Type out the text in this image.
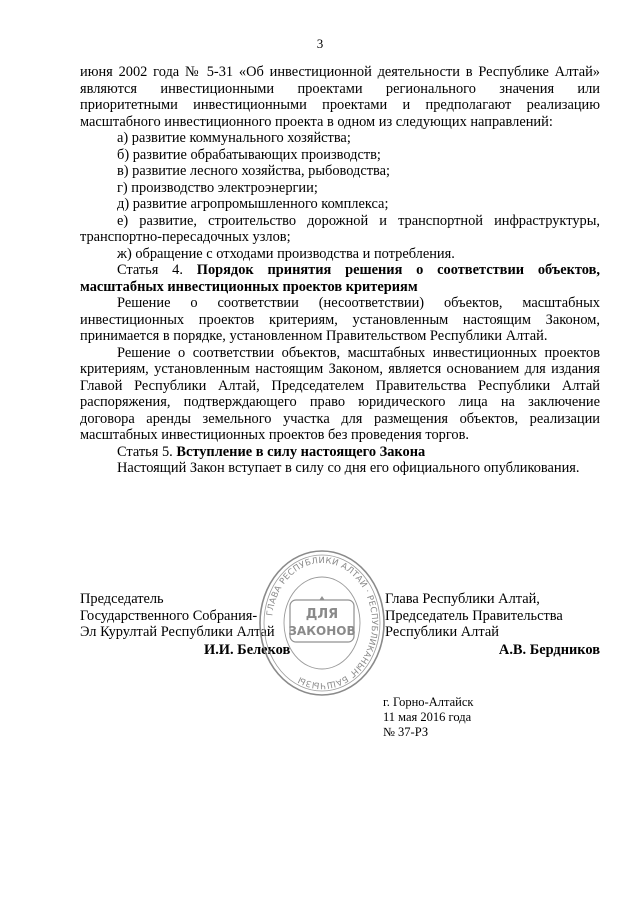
3

июня 2002 года № 5-31 «Об инвестиционной деятельности в Республике Алтай» являются инвестиционными проектами регионального значения или приоритетными инвестиционными проектами и предполагают реализацию масштабного инвестиционного проекта в одном из следующих направлений:

а) развитие коммунального хозяйства;

б) развитие обрабатывающих производств;

в) развитие лесного хозяйства, рыбоводства;

г) производство электроэнергии;

д) развитие агропромышленного комплекса;

е) развитие, строительство дорожной и транспортной инфраструктуры, транспортно-пересадочных узлов;

ж) обращение с отходами производства и потребления.

Статья 4. Порядок принятия решения о соответствии объектов, масштабных инвестиционных проектов критериям

Решение о соответствии (несоответствии) объектов, масштабных инвестиционных проектов критериям, установленным настоящим Законом, принимается в порядке, установленном Правительством Республики Алтай.

Решение о соответствии объектов, масштабных инвестиционных проектов критериям, установленным настоящим Законом, является основанием для издания Главой Республики Алтай, Председателем Правительства Республики Алтай распоряжения, подтверждающего право юридического лица на заключение договора аренды земельного участка для размещения объектов, реализации масштабных инвестиционных проектов без проведения торгов.

Статья 5. Вступление в силу настоящего Закона

Настоящий Закон вступает в силу со дня его официального опубликования.

Председатель
Государственного Собрания-
Эл Курултай Республики Алтай
И.И. Белеков
Глава Республики Алтай,
Председатель Правительства
Республики Алтай
А.В. Бердников
ГЛАВА РЕСПУБЛИКИ АЛТАЙ · РЕСПУБЛИКАНЫҤ БАШЧЫЗЫ
ДЛЯ
ЗАКОНОВ
г. Горно-Алтайск
11 мая 2016 года
№ 37-РЗ
